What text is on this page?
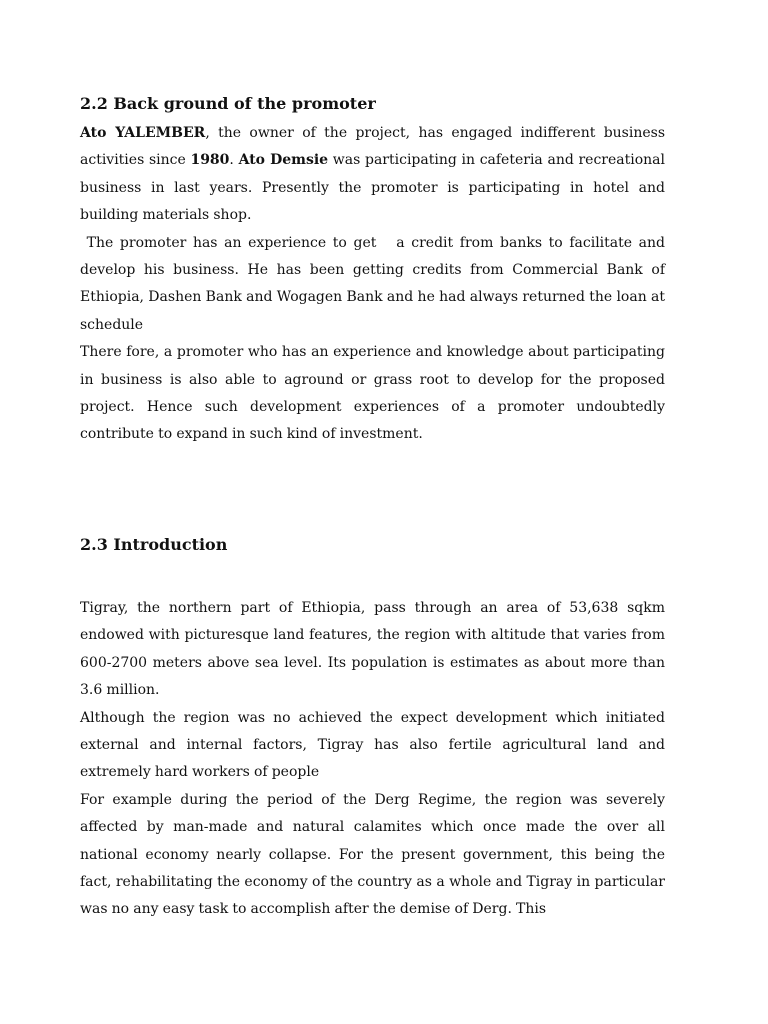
2.2 Back ground of the promoter

Ato YALEMBER, the owner of the project, has engaged indifferent business activities since 1980. Ato Demsie was participating in cafeteria and recreational business in last years. Presently the promoter is participating in hotel and building materials shop.

The promoter has an experience to get   a credit from banks to facilitate and develop his business. He has been getting credits from Commercial Bank of Ethiopia, Dashen Bank and Wogagen Bank and he had always returned the loan at schedule

There fore, a promoter who has an experience and knowledge about participating in business is also able to aground or grass root to develop for the proposed project. Hence such development experiences of a promoter undoubtedly contribute to expand in such kind of investment.

2.3 Introduction

Tigray, the northern part of Ethiopia, pass through an area of 53,638 sqkm endowed with picturesque land features, the region with altitude that varies from 600-2700 meters above sea level. Its population is estimates as about more than 3.6 million.

Although the region was no achieved the expect development which initiated external and internal factors, Tigray has also fertile agricultural land and extremely hard workers of people

For example during the period of the Derg Regime, the region was severely affected by man-made and natural calamites which once made the over all national economy nearly collapse. For the present government, this being the fact, rehabilitating the economy of the country as a whole and Tigray in particular was no any easy task to accomplish after the demise of Derg. This
